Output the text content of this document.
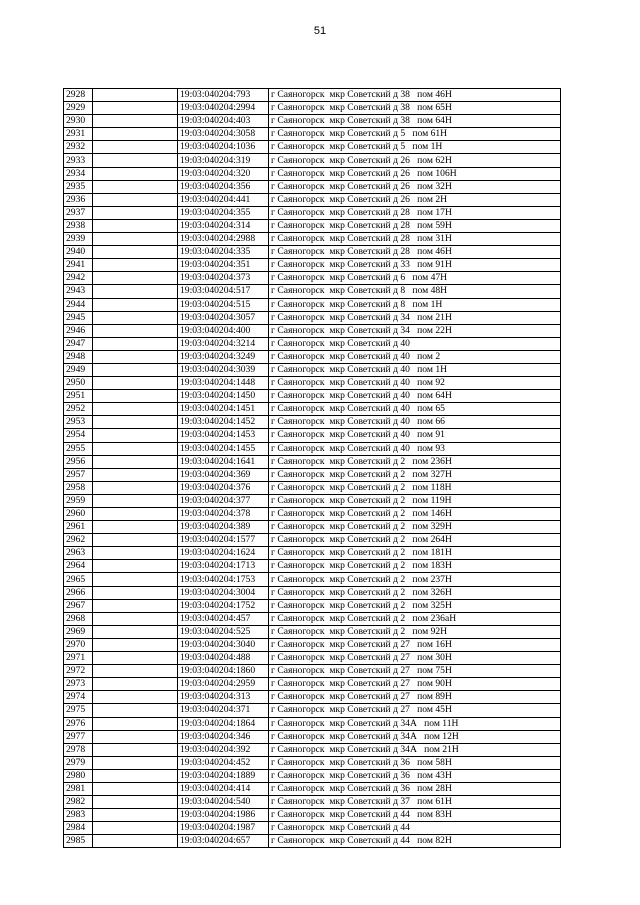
51
2928		19:03:040204:793	г Саяногорск  мкр Советский д 38   пом 46Н
2929		19:03:040204:2994	г Саяногорск  мкр Советский д 38   пом 65Н
2930		19:03:040204:403	г Саяногорск  мкр Советский д 38   пом 64Н
2931		19:03:040204:3058	г Саяногорск  мкр Советский д 5   пом 61Н
2932		19:03:040204:1036	г Саяногорск  мкр Советский д 5   пом 1Н
2933		19:03:040204:319	г Саяногорск  мкр Советский д 26   пом 62Н
2934		19:03:040204:320	г Саяногорск  мкр Советский д 26   пом 106Н
2935		19:03:040204:356	г Саяногорск  мкр Советский д 26   пом 32Н
2936		19:03:040204:441	г Саяногорск  мкр Советский д 26   пом 2Н
2937		19:03:040204:355	г Саяногорск  мкр Советский д 28   пом 17Н
2938		19:03:040204:314	г Саяногорск  мкр Советский д 28   пом 59Н
2939		19:03:040204:2988	г Саяногорск  мкр Советский д 28   пом 31Н
2940		19:03:040204:335	г Саяногорск  мкр Советский д 28   пом 46Н
2941		19:03:040204:351	г Саяногорск  мкр Советский д 33   пом 91Н
2942		19:03:040204:373	г Саяногорск  мкр Советский д 6   пом 47Н
2943		19:03:040204:517	г Саяногорск  мкр Советский д 8   пом 48Н
2944		19:03:040204:515	г Саяногорск  мкр Советский д 8   пом 1Н
2945		19:03:040204:3057	г Саяногорск  мкр Советский д 34   пом 21Н
2946		19:03:040204:400	г Саяногорск  мкр Советский д 34   пом 22Н
2947		19:03:040204:3214	г Саяногорск  мкр Советский д 40
2948		19:03:040204:3249	г Саяногорск  мкр Советский д 40   пом 2
2949		19:03:040204:3039	г Саяногорск  мкр Советский д 40   пом 1Н
2950		19:03:040204:1448	г Саяногорск  мкр Советский д 40   пом 92
2951		19:03:040204:1450	г Саяногорск  мкр Советский д 40   пом 64Н
2952		19:03:040204:1451	г Саяногорск  мкр Советский д 40   пом 65
2953		19:03:040204:1452	г Саяногорск  мкр Советский д 40   пом 66
2954		19:03:040204:1453	г Саяногорск  мкр Советский д 40   пом 91
2955		19:03:040204:1455	г Саяногорск  мкр Советский д 40   пом 93
2956		19:03:040204:1641	г Саяногорск  мкр Советский д 2   пом 236Н
2957		19:03:040204:369	г Саяногорск  мкр Советский д 2   пом 327Н
2958		19:03:040204:376	г Саяногорск  мкр Советский д 2   пом 118Н
2959		19:03:040204:377	г Саяногорск  мкр Советский д 2   пом 119Н
2960		19:03:040204:378	г Саяногорск  мкр Советский д 2   пом 146Н
2961		19:03:040204:389	г Саяногорск  мкр Советский д 2   пом 329Н
2962		19:03:040204:1577	г Саяногорск  мкр Советский д 2   пом 264Н
2963		19:03:040204:1624	г Саяногорск  мкр Советский д 2   пом 181Н
2964		19:03:040204:1713	г Саяногорск  мкр Советский д 2   пом 183Н
2965		19:03:040204:1753	г Саяногорск  мкр Советский д 2   пом 237Н
2966		19:03:040204:3004	г Саяногорск  мкр Советский д 2   пом 326Н
2967		19:03:040204:1752	г Саяногорск  мкр Советский д 2   пом 325Н
2968		19:03:040204:457	г Саяногорск  мкр Советский д 2   пом 236аН
2969		19:03:040204:525	г Саяногорск  мкр Советский д 2   пом 92Н
2970		19:03:040204:3040	г Саяногорск  мкр Советский д 27   пом 16Н
2971		19:03:040204:488	г Саяногорск  мкр Советский д 27   пом 30Н
2972		19:03:040204:1860	г Саяногорск  мкр Советский д 27   пом 75Н
2973		19:03:040204:2959	г Саяногорск  мкр Советский д 27   пом 90Н
2974		19:03:040204:313	г Саяногорск  мкр Советский д 27   пом 89Н
2975		19:03:040204:371	г Саяногорск  мкр Советский д 27   пом 45Н
2976		19:03:040204:1864	г Саяногорск  мкр Советский д 34А   пом 11Н
2977		19:03:040204:346	г Саяногорск  мкр Советский д 34А   пом 12Н
2978		19:03:040204:392	г Саяногорск  мкр Советский д 34А   пом 21Н
2979		19:03:040204:452	г Саяногорск  мкр Советский д 36   пом 58Н
2980		19:03:040204:1889	г Саяногорск  мкр Советский д 36   пом 43Н
2981		19:03:040204:414	г Саяногорск  мкр Советский д 36   пом 28Н
2982		19:03:040204:540	г Саяногорск  мкр Советский д 37   пом 61Н
2983		19:03:040204:1986	г Саяногорск  мкр Советский д 44   пом 83Н
2984		19:03:040204:1987	г Саяногорск  мкр Советский д 44
2985		19:03:040204:657	г Саяногорск  мкр Советский д 44   пом 82Н
